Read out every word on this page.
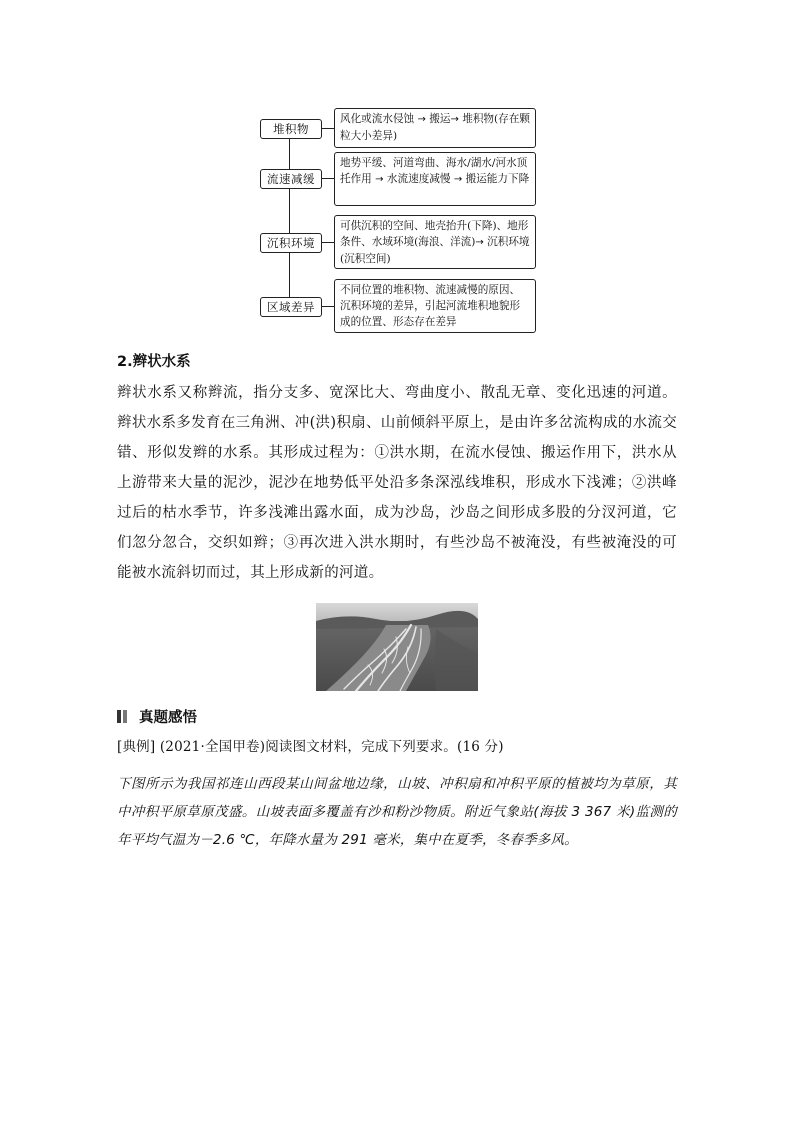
堆积物
风化或流水侵蚀 → 搬运→ 堆积物(存在颗粒大小差异)
流速减缓
地势平缓、河道弯曲、海水/湖水/河水顶托作用 → 水流速度减慢 → 搬运能力下降
沉积环境
可供沉积的空间、地壳抬升(下降)、地形条件、水域环境(海浪、洋流)→ 沉积环境(沉积空间)
区域差异
不同位置的堆积物、流速减慢的原因、沉积环境的差异，引起河流堆积地貌形成的位置、形态存在差异
2.辫状水系
辫状水系又称辫流，指分支多、宽深比大、弯曲度小、散乱无章、变化迅速的河道。辫状水系多发育在三角洲、冲(洪)积扇、山前倾斜平原上，是由许多岔流构成的水流交错、形似发辫的水系。其形成过程为：①洪水期，在流水侵蚀、搬运作用下，洪水从上游带来大量的泥沙，泥沙在地势低平处沿多条深泓线堆积，形成水下浅滩；②洪峰过后的枯水季节，许多浅滩出露水面，成为沙岛，沙岛之间形成多股的分汊河道，它们忽分忽合，交织如辫；③再次进入洪水期时，有些沙岛不被淹没，有些被淹没的可能被水流斜切而过，其上形成新的河道。
真题感悟
[典例] (2021·全国甲卷)阅读图文材料，完成下列要求。(16 分)
下图所示为我国祁连山西段某山间盆地边缘，山坡、冲积扇和冲积平原的植被均为草原，其中冲积平原草原茂盛。山坡表面多覆盖有沙和粉沙物质。附近气象站(海拔 3 367 米)监测的年平均气温为－2.6 ℃，年降水量为 291 毫米，集中在夏季，冬春季多风。
